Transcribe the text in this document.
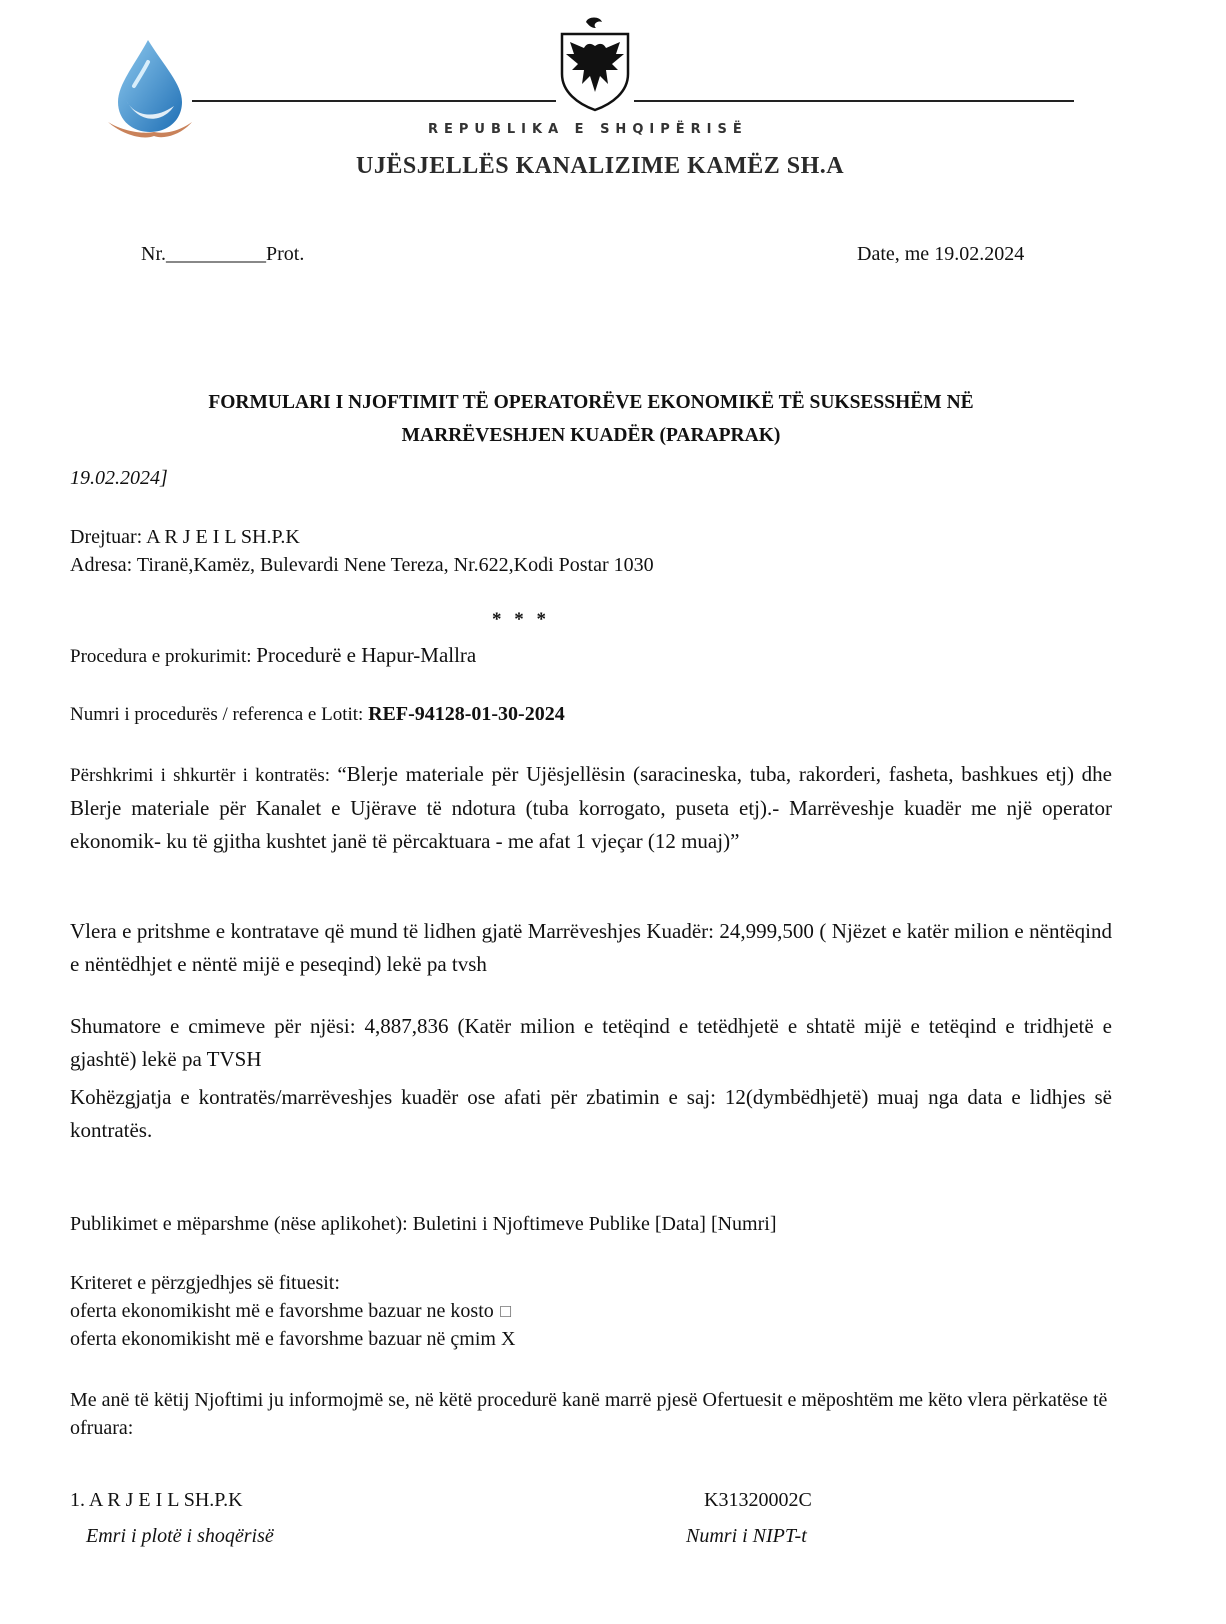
REPUBLIKA E SHQIPËRISË
UJËSJELLËS KANALIZIME KAMËZ SH.A
Nr.__________Prot.	Date, me 19.02.2024
FORMULARI I NJOFTIMIT TË OPERATORËVE EKONOMIKË TË SUKSESSHËM NË
MARRËVESHJEN KUADËR (PARAPRAK)
19.02.2024]
Drejtuar: A R J E I L SH.P.K
Adresa: Tiranë,Kamëz, Bulevardi Nene Tereza, Nr.622,Kodi Postar 1030
* * *
Procedura e prokurimit: Procedurë e Hapur-Mallra
Numri i procedurës / referenca e Lotit: REF-94128-01-30-2024
Përshkrimi i shkurtër i kontratës: “Blerje materiale për Ujësjellësin (saracineska, tuba, rakorderi, fasheta, bashkues etj) dhe Blerje materiale për Kanalet e Ujërave të ndotura (tuba korrogato, puseta etj).- Marrëveshje kuadër me një operator ekonomik- ku të gjitha kushtet janë të përcaktuara - me afat 1 vjeçar (12 muaj)”
Vlera e pritshme e kontratave që mund të lidhen gjatë Marrëveshjes Kuadër: 24,999,500 ( Njëzet e katër milion e nëntëqind e nëntëdhjet e nëntë mijë e peseqind) lekë pa tvsh
Shumatore e cmimeve për njësi: 4,887,836 (Katër milion e tetëqind e tetëdhjetë e shtatë mijë e tetëqind e tridhjetë e gjashtë) lekë pa TVSH
Kohëzgjatja e kontratës/marrëveshjes kuadër ose afati për zbatimin e saj: 12(dymbëdhjetë) muaj nga data e lidhjes së kontratës.
Publikimet e mëparshme (nëse aplikohet): Buletini i Njoftimeve Publike [Data] [Numri]
Kriteret e përzgjedhjes së fituesit:
oferta ekonomikisht më e favorshme bazuar ne kosto ☐
oferta ekonomikisht më e favorshme bazuar në çmim X
Me anë të këtij Njoftimi ju informojmë se, në këtë procedurë kanë marrë pjesë Ofertuesit e mëposhtëm me këto vlera përkatëse të ofruara:
1. A R J E I L SH.P.K	K31320002C
Emri i plotë i shoqërisë	Numri i NIPT-t
